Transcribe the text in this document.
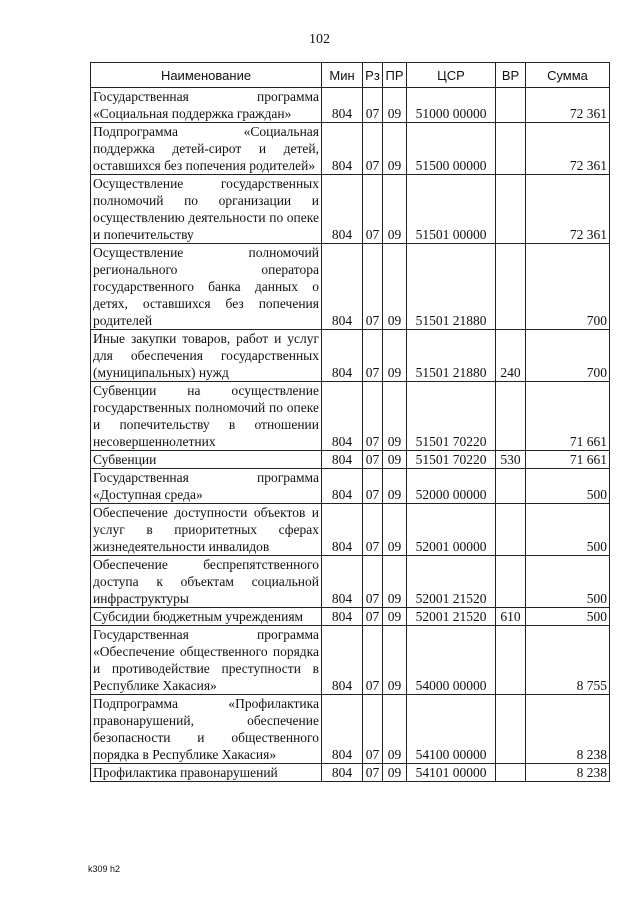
102
Наименование	Мин	Рз	ПР	ЦСР	ВР	Сумма
Государственная программа «Социальная поддержка граждан»	804	07	09	51000 00000		72 361
Подпрограмма «Социальная поддержка детей-сирот и детей, оставшихся без попечения родителей»	804	07	09	51500 00000		72 361
Осуществление государственных полномочий по организации и осуществлению деятельности по опеке и попечительству	804	07	09	51501 00000		72 361
Осуществление полномочий регионального оператора государственного банка данных о детях, оставшихся без попечения родителей	804	07	09	51501 21880		700
Иные закупки товаров, работ и услуг для обеспечения государственных (муниципальных) нужд	804	07	09	51501 21880	240	700
Субвенции на осуществление государственных полномочий по опеке и попечительству в отношении несовершеннолетних	804	07	09	51501 70220		71 661
Субвенции	804	07	09	51501 70220	530	71 661
Государственная программа «Доступная среда»	804	07	09	52000 00000		500
Обеспечение доступности объектов и услуг в приоритетных сферах жизнедеятельности инвалидов	804	07	09	52001 00000		500
Обеспечение беспрепятственного доступа к объектам социальной инфраструктуры	804	07	09	52001 21520		500
Субсидии бюджетным учреждениям	804	07	09	52001 21520	610	500
Государственная программа «Обеспечение общественного порядка и противодействие преступности в Республике Хакасия»	804	07	09	54000 00000		8 755
Подпрограмма «Профилактика правонарушений, обеспечение безопасности и общественного порядка в Республике Хакасия»	804	07	09	54100 00000		8 238
Профилактика правонарушений	804	07	09	54101 00000		8 238
k309 h2
